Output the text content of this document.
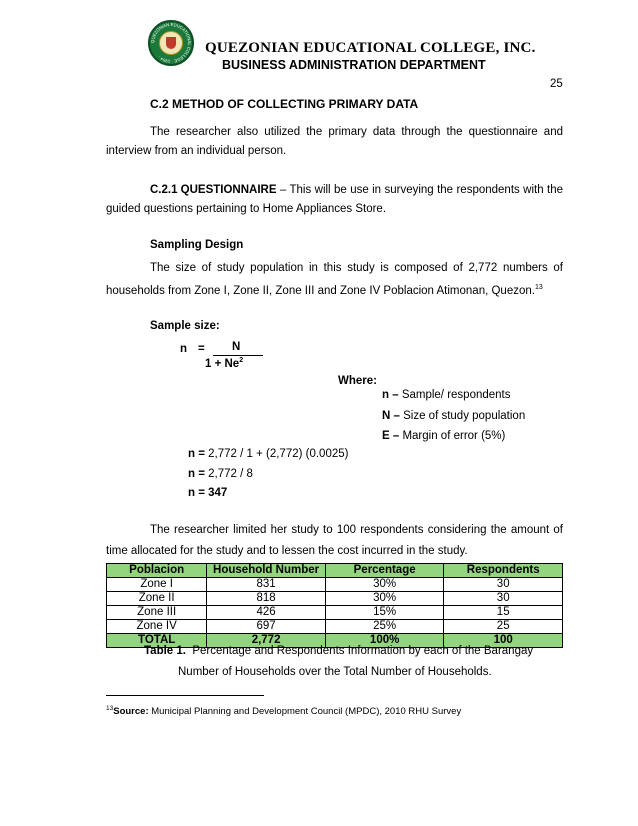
QUEZONIAN EDUCATIONAL COLLEGE · 1954 ·
QUEZONIAN EDUCATIONAL COLLEGE, INC.
BUSINESS ADMINISTRATION DEPARTMENT
25
C.2 METHOD OF COLLECTING PRIMARY DATA
The researcher also utilized the primary data through the questionnaire and
interview from an individual person.
C.2.1 QUESTIONNAIRE – This will be use in surveying the respondents with the
guided questions pertaining to Home Appliances Store.
Sampling Design
The size of study population in this study is composed of 2,772 numbers of
households from Zone I, Zone II, Zone III and Zone IV Poblacion Atimonan, Quezon.$^{13}$
Sample size:
n = N
$1 + Ne^2$
Where:
n – Sample/ respondents
N – Size of study population
E – Margin of error (5%)
n = 2,772 / 1 + (2,772) (0.0025)
n = 2,772 / 8
n = 347
The researcher limited her study to 100 respondents considering the amount of
time allocated for the study and to lessen the cost incurred in the study.
Poblacion	Household Number	Percentage	Respondents
Zone I	831	30%	30
Zone II	818	30%	30
Zone III	426	15%	15
Zone IV	697	25%	25
TOTAL	2,772	100%	100
Table 1.  Percentage and Respondents Information by each of the Barangay
Number of Households over the Total Number of Households.
$^{13}$Source: Municipal Planning and Development Council (MPDC), 2010 RHU Survey
